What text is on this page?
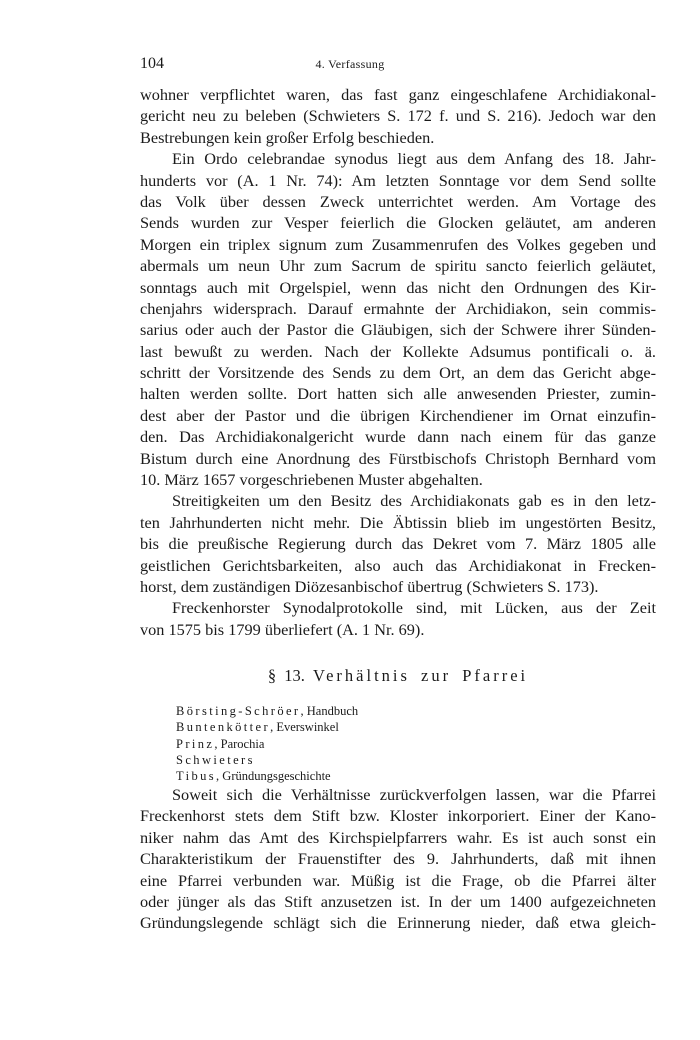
104	4. Verfassung
wohner verpflichtet waren, das fast ganz eingeschlafene Archidiakonal-
gericht neu zu beleben (Schwieters S. 172 f. und S. 216). Jedoch war den
Bestrebungen kein großer Erfolg beschieden.
Ein Ordo celebrandae synodus liegt aus dem Anfang des 18. Jahr-
hunderts vor (A. 1 Nr. 74): Am letzten Sonntage vor dem Send sollte
das Volk über dessen Zweck unterrichtet werden. Am Vortage des
Sends wurden zur Vesper feierlich die Glocken geläutet, am anderen
Morgen ein triplex signum zum Zusammenrufen des Volkes gegeben und
abermals um neun Uhr zum Sacrum de spiritu sancto feierlich geläutet,
sonntags auch mit Orgelspiel, wenn das nicht den Ordnungen des Kir-
chenjahrs widersprach. Darauf ermahnte der Archidiakon, sein commis-
sarius oder auch der Pastor die Gläubigen, sich der Schwere ihrer Sünden-
last bewußt zu werden. Nach der Kollekte Adsumus pontificali o. ä.
schritt der Vorsitzende des Sends zu dem Ort, an dem das Gericht abge-
halten werden sollte. Dort hatten sich alle anwesenden Priester, zumin-
dest aber der Pastor und die übrigen Kirchendiener im Ornat einzufin-
den. Das Archidiakonalgericht wurde dann nach einem für das ganze
Bistum durch eine Anordnung des Fürstbischofs Christoph Bernhard vom
10. März 1657 vorgeschriebenen Muster abgehalten.
Streitigkeiten um den Besitz des Archidiakonats gab es in den letz-
ten Jahrhunderten nicht mehr. Die Äbtissin blieb im ungestörten Besitz,
bis die preußische Regierung durch das Dekret vom 7. März 1805 alle
geistlichen Gerichtsbarkeiten, also auch das Archidiakonat in Frecken-
horst, dem zuständigen Diözesanbischof übertrug (Schwieters S. 173).
Freckenhorster Synodalprotokolle sind, mit Lücken, aus der Zeit
von 1575 bis 1799 überliefert (A. 1 Nr. 69).
§ 13. Verhältnis zur Pfarrei
Börsting-Schröer, Handbuch
Buntenkötter, Everswinkel
Prinz, Parochia
Schwieters
Tibus, Gründungsgeschichte
Soweit sich die Verhältnisse zurückverfolgen lassen, war die Pfarrei
Freckenhorst stets dem Stift bzw. Kloster inkorporiert. Einer der Kano-
niker nahm das Amt des Kirchspielpfarrers wahr. Es ist auch sonst ein
Charakteristikum der Frauenstifter des 9. Jahrhunderts, daß mit ihnen
eine Pfarrei verbunden war. Müßig ist die Frage, ob die Pfarrei älter
oder jünger als das Stift anzusetzen ist. In der um 1400 aufgezeichneten
Gründungslegende schlägt sich die Erinnerung nieder, daß etwa gleich-
